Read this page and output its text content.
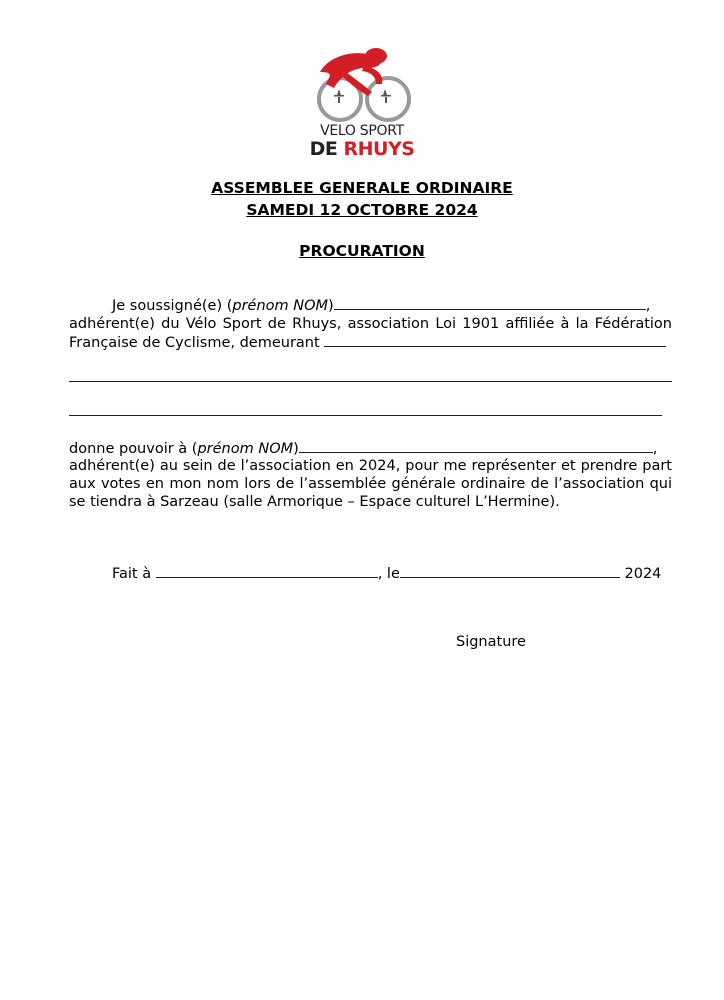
VELO SPORT
DE RHUYS
ASSEMBLEE GENERALE ORDINAIRE
SAMEDI 12 OCTOBRE 2024
PROCURATION
Je soussigné(e) (prénom NOM)	,
adhérent(e) du Vélo Sport de Rhuys, association Loi 1901 affiliée à la Fédération
Française de Cyclisme, demeurant
donne pouvoir à (prénom NOM)	,
adhérent(e) au sein de l’association en 2024, pour me représenter et prendre part
aux votes en mon nom lors de l’assemblée générale ordinaire de l’association qui
se tiendra à Sarzeau (salle Armorique – Espace culturel L’Hermine).
Fait à	, le	2024
Signature
